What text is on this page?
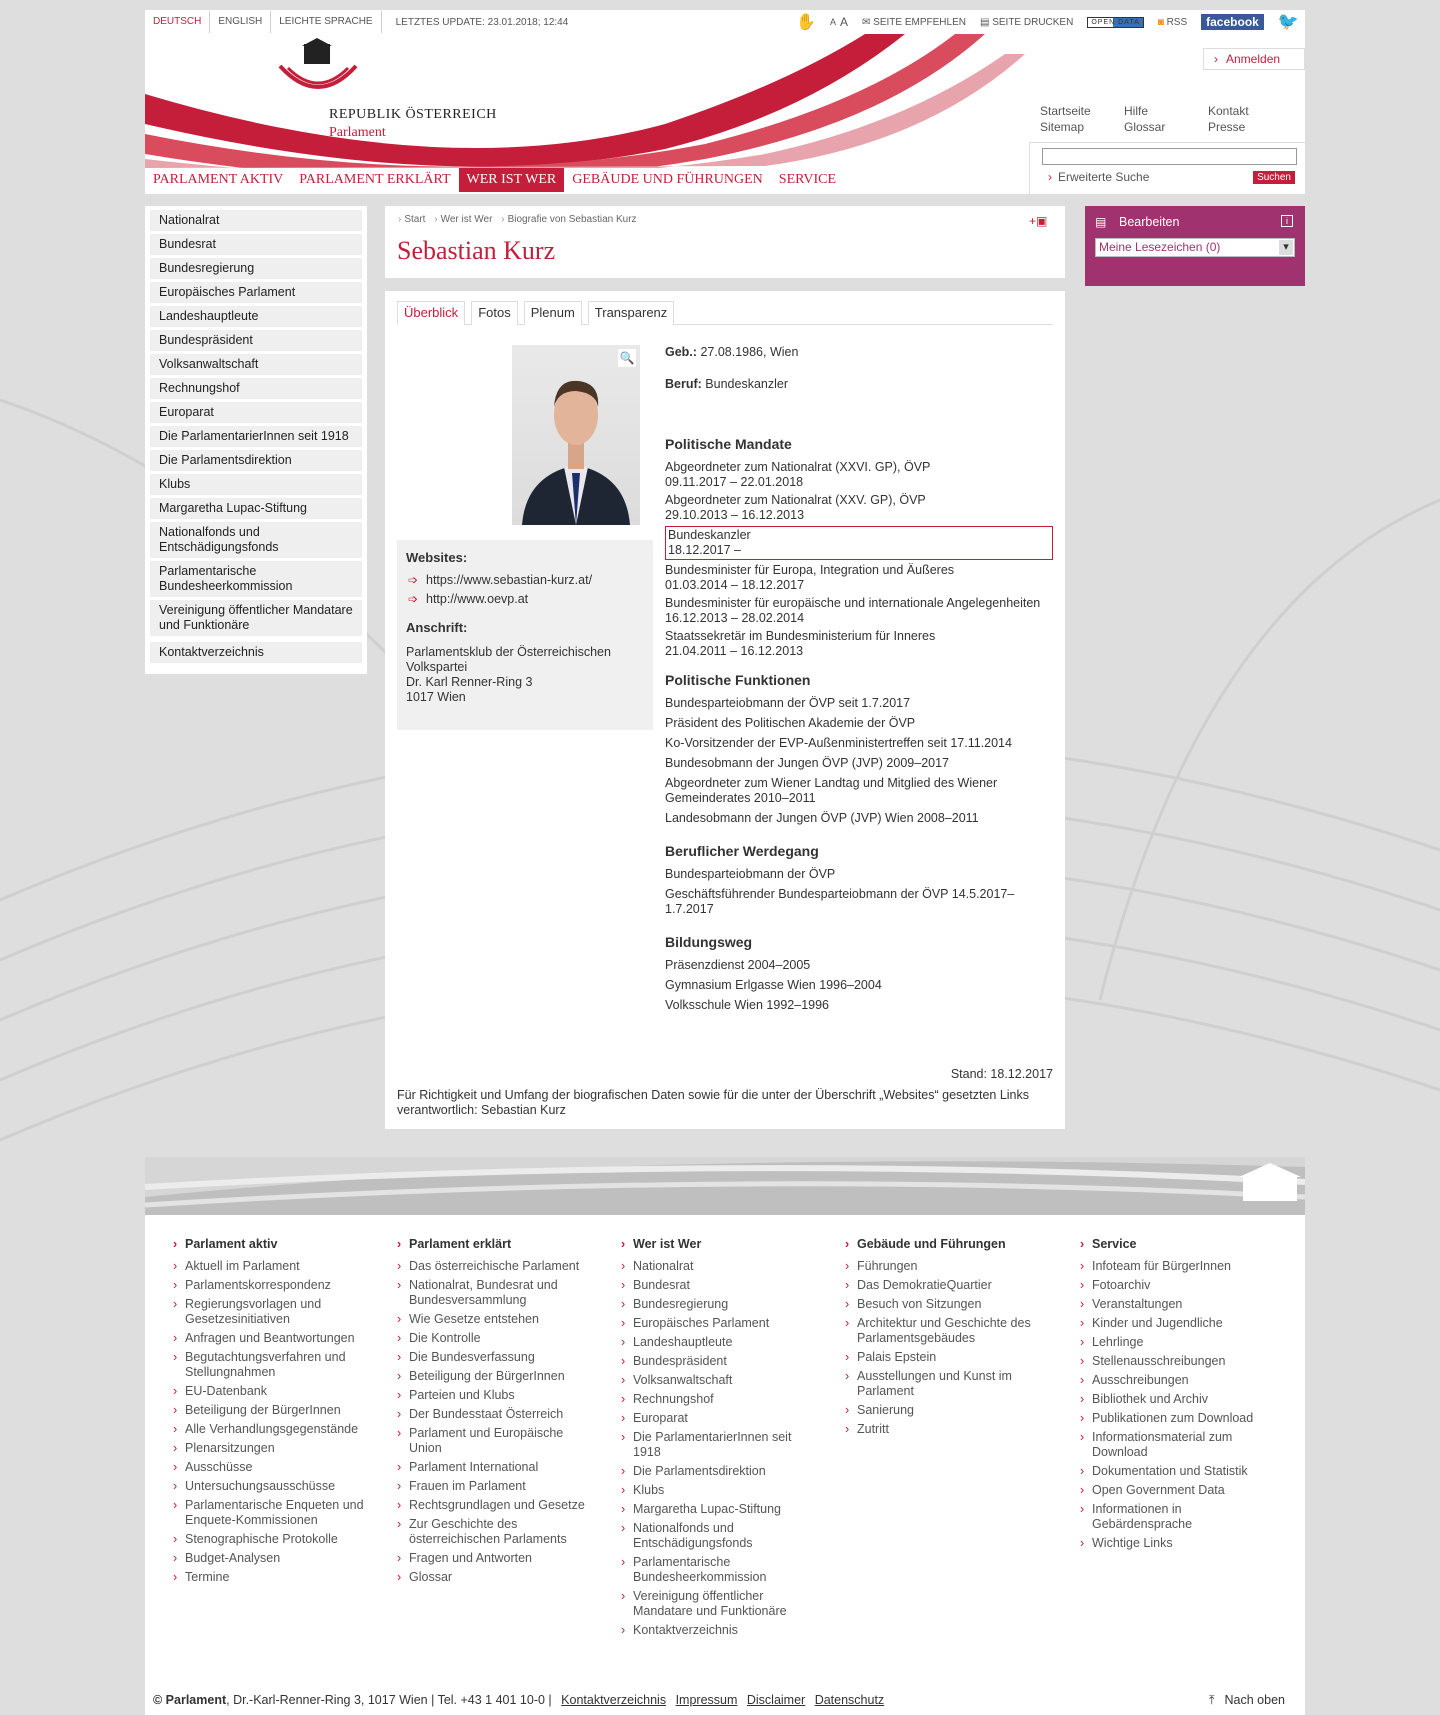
DEUTSCH	ENGLISH	LEICHTE SPRACHE	LETZTES UPDATE: 23.01.2018; 12:44	✋ A A ✉ SEITE EMPFEHLEN ▤ SEITE DRUCKEN	OPEN DATA	◙ RSS	facebook 🐦
REPUBLIK ÖSTERREICH
Parlament
› Anmelden
Startseite	Hilfe	Kontakt
Sitemap	Glossar	Presse
› Erweiterte Suche	Suchen
PARLAMENT AKTIV	PARLAMENT ERKLÄRT	WER IST WER	GEBÄUDE UND FÜHRUNGEN	SERVICE
Nationalrat
Bundesrat
Bundesregierung
Europäisches Parlament
Landeshauptleute
Bundespräsident
Volksanwaltschaft
Rechnungshof
Europarat
Die ParlamentarierInnen seit 1918
Die Parlamentsdirektion
Klubs
Margaretha Lupac-Stiftung
Nationalfonds und Entschädigungsfonds
Parlamentarische Bundesheerkommission
Vereinigung öffentlicher Mandatare und Funktionäre
Kontaktverzeichnis
› Start › Wer ist Wer › Biografie von Sebastian Kurz
Sebastian Kurz
+▣
Überblick	Fotos	Plenum	Transparenz
🔍
Websites:
➩ https://www.sebastian-kurz.at/
➩ http://www.oevp.at
Anschrift:

Parlamentsklub der Österreichischen Volkspartei

Dr. Karl Renner-Ring 3

1017 Wien

Geb.: 27.08.1986, Wien
Beruf: Bundeskanzler
Politische Mandate
Abgeordneter zum Nationalrat (XXVI. GP), ÖVP
09.11.2017 – 22.01.2018
Abgeordneter zum Nationalrat (XXV. GP), ÖVP
29.10.2013 – 16.12.2013
Bundeskanzler
18.12.2017 –
Bundesminister für Europa, Integration und Äußeres
01.03.2014 – 18.12.2017
Bundesminister für europäische und internationale Angelegenheiten
16.12.2013 – 28.02.2014
Staatssekretär im Bundesministerium für Inneres
21.04.2011 – 16.12.2013
Politische Funktionen
Bundesparteiobmann der ÖVP seit 1.7.2017
Präsident des Politischen Akademie der ÖVP
Ko-Vorsitzender der EVP-Außenministertreffen seit 17.11.2014
Bundesobmann der Jungen ÖVP (JVP) 2009–2017
Abgeordneter zum Wiener Landtag und Mitglied des Wiener Gemeinderates 2010–2011
Landesobmann der Jungen ÖVP (JVP) Wien 2008–2011
Beruflicher Werdegang
Bundesparteiobmann der ÖVP
Geschäftsführender Bundesparteiobmann der ÖVP 14.5.2017–1.7.2017
Bildungsweg
Präsenzdienst 2004–2005
Gymnasium Erlgasse Wien 1996–2004
Volksschule Wien 1992–1996
Stand: 18.12.2017
Für Richtigkeit und Umfang der biografischen Daten sowie für die unter der Überschrift „Websites“ gesetzten Links verantwortlich: Sebastian Kurz
▤ Bearbeiten	i
Meine Lesezeichen (0) ▾
› Parlament aktiv
› Aktuell im Parlament
› Parlamentskorrespondenz
› Regierungsvorlagen und Gesetzesinitiativen
› Anfragen und Beantwortungen
› Begutachtungsverfahren und Stellungnahmen
› EU-Datenbank
› Beteiligung der BürgerInnen
› Alle Verhandlungsgegenstände
› Plenarsitzungen
› Ausschüsse
› Untersuchungsausschüsse
› Parlamentarische Enqueten und Enquete-Kommissionen
› Stenographische Protokolle
› Budget-Analysen
› Termine
› Parlament erklärt
› Das österreichische Parlament
› Nationalrat, Bundesrat und Bundesversammlung
› Wie Gesetze entstehen
› Die Kontrolle
› Die Bundesverfassung
› Beteiligung der BürgerInnen
› Parteien und Klubs
› Der Bundesstaat Österreich
› Parlament und Europäische Union
› Parlament International
› Frauen im Parlament
› Rechtsgrundlagen und Gesetze
› Zur Geschichte des österreichischen Parlaments
› Fragen und Antworten
› Glossar
› Wer ist Wer
› Nationalrat
› Bundesrat
› Bundesregierung
› Europäisches Parlament
› Landeshauptleute
› Bundespräsident
› Volksanwaltschaft
› Rechnungshof
› Europarat
› Die ParlamentarierInnen seit 1918
› Die Parlamentsdirektion
› Klubs
› Margaretha Lupac-Stiftung
› Nationalfonds und Entschädigungsfonds
› Parlamentarische Bundesheerkommission
› Vereinigung öffentlicher Mandatare und Funktionäre
› Kontaktverzeichnis
› Gebäude und Führungen
› Führungen
› Das DemokratieQuartier
› Besuch von Sitzungen
› Architektur und Geschichte des Parlamentsgebäudes
› Palais Epstein
› Ausstellungen und Kunst im Parlament
› Sanierung
› Zutritt
› Service
› Infoteam für BürgerInnen
› Fotoarchiv
› Veranstaltungen
› Kinder und Jugendliche
› Lehrlinge
› Stellenausschreibungen
› Ausschreibungen
› Bibliothek und Archiv
› Publikationen zum Download
› Informationsmaterial zum Download
› Dokumentation und Statistik
› Open Government Data
› Informationen in Gebärdensprache
› Wichtige Links
© Parlament, Dr.-Karl-Renner-Ring 3, 1017 Wien | Tel. +43 1 401 10-0 | Kontaktverzeichnis Impressum Disclaimer Datenschutz	⤒ Nach oben
